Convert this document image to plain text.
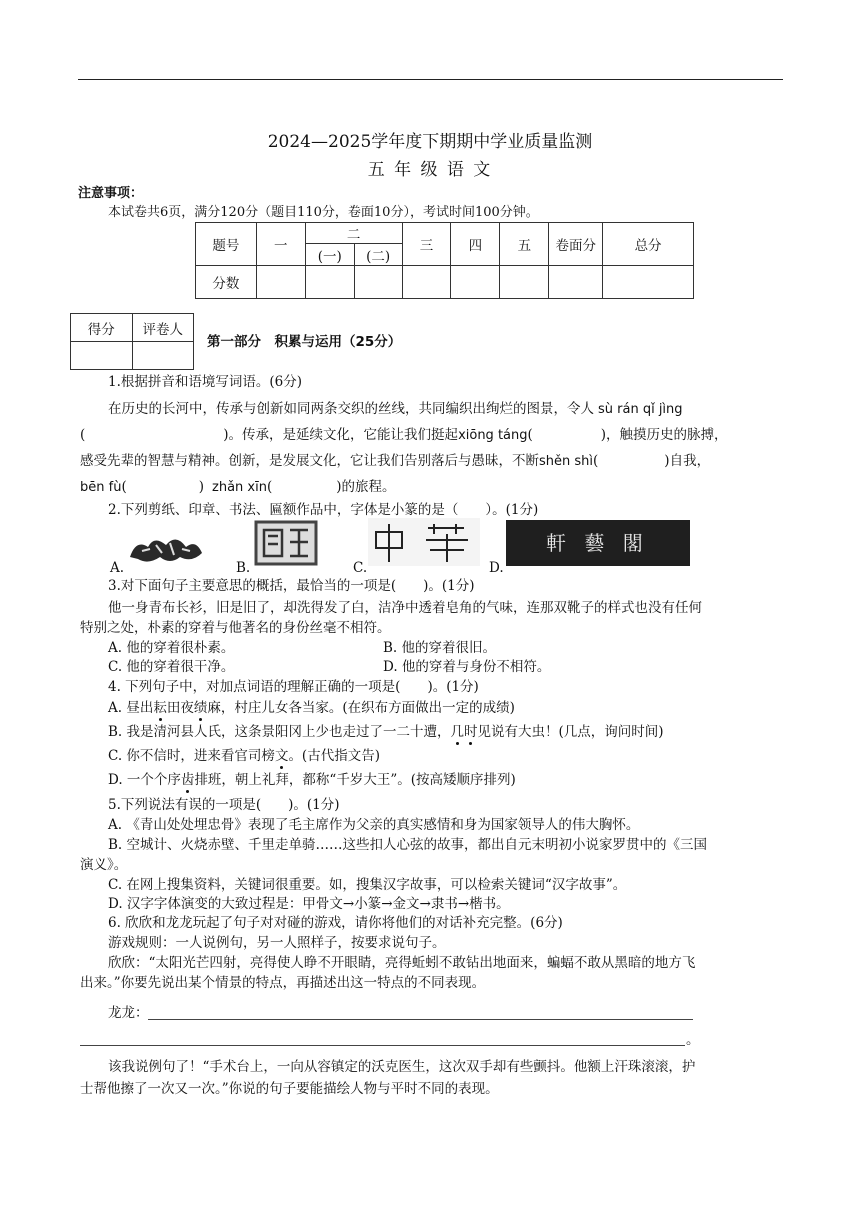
2024—2025学年度下期期中学业质量监测
五 年 级 语 文
注意事项：
本试卷共6页，满分120分（题目110分，卷面10分），考试时间100分钟。
题号	一	二		三	四	五	卷面分	总分
		(一)	(二)					
分数								
得分	评卷人

第一部分　积累与运用（25分）
1.根据拼音和语境写词语。(6分)
在历史的长河中，传承与创新如同两条交织的丝线，共同编织出绚烂的图景，令人 sù rán qǐ jìng
(	)。传承，是延续文化，它能让我们挺起xiōng táng(	)，触摸历史的脉搏，
感受先辈的智慧与精神。创新，是发展文化，它让我们告别落后与愚昧，不断shěn shì(	)自我，
bēn fù(	) zhǎn xīn(	)的旅程。
2.下列剪纸、印章、书法、匾额作品中，字体是小篆的是（　　）。(1分)
A.	B.	C.	D.
軒 藝 閣
3.对下面句子主要意思的概括，最恰当的一项是(　　)。(1分)
他一身青布长衫，旧是旧了，却洗得发了白，洁净中透着皂角的气味，连那双靴子的样式也没有任何
特别之处，朴素的穿着与他著名的身份丝毫不相符。
A. 他的穿着很朴素。	B. 他的穿着很旧。
C. 他的穿着很干净。	D. 他的穿着与身份不相符。
4. 下列句子中，对加点词语的理解正确的一项是(　　)。(1分)
A. 昼出耘田夜绩麻，村庄儿女各当家。(在织布方面做出一定的成绩)
B. 我是清河县人氏，这条景阳冈上少也走过了一二十遭，几时见说有大虫！(几点，询问时间)
C. 你不信时，进来看官司榜文。(古代指文告)
D. 一个个序齿排班，朝上礼拜，都称“千岁大王”。(按高矮顺序排列)
5.下列说法有误的一项是(　　)。(1分)
A. 《青山处处埋忠骨》表现了毛主席作为父亲的真实感情和身为国家领导人的伟大胸怀。
B. 空城计、火烧赤壁、千里走单骑……这些扣人心弦的故事，都出自元末明初小说家罗贯中的《三国
演义》。
C. 在网上搜集资料，关键词很重要。如，搜集汉字故事，可以检索关键词“汉字故事”。
D. 汉字字体演变的大致过程是：甲骨文→小篆→金文→隶书→楷书。
6. 欣欣和龙龙玩起了句子对对碰的游戏，请你将他们的对话补充完整。(6分)
游戏规则：一人说例句，另一人照样子，按要求说句子。
欣欣：“太阳光芒四射，亮得使人睁不开眼睛，亮得蚯蚓不敢钻出地面来，蝙蝠不敢从黑暗的地方飞
出来。”你要先说出某个情景的特点，再描述出这一特点的不同表现。
龙龙：
。
该我说例句了！“手术台上，一向从容镇定的沃克医生，这次双手却有些颤抖。他额上汗珠滚滚，护
士帮他擦了一次又一次。”你说的句子要能描绘人物与平时不同的表现。
